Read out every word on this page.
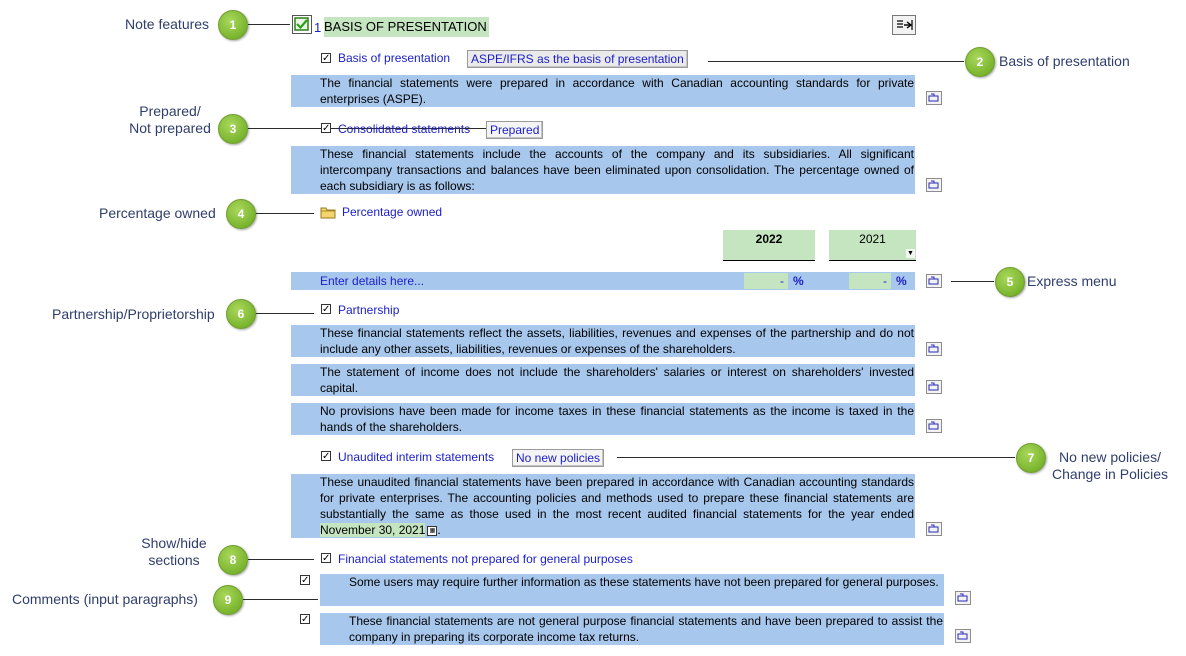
Note features	1
2	Basis of presentation
Prepared/
Not prepared	3
Percentage owned	4
5 Express menu
Partnership/Proprietorship	6
7	No new policies/
Change in Policies
Show/hide
sections	8
Comments (input paragraphs)	9
1 BASIS OF PRESENTATION
✓ Basis of presentation	ASPE/IFRS as the basis of presentation
The financial statements were prepared in accordance with Canadian accounting standards for private enterprises (ASPE).
✓ Consolidated statements	Prepared
These financial statements include the accounts of the company and its subsidiaries. All significant intercompany transactions and balances have been eliminated upon consolidation. The percentage owned of each subsidiary is as follows:
Percentage owned
2022	2021
▼
Enter details here...	- %	- %
✓ Partnership
These financial statements reflect the assets, liabilities, revenues and expenses of the partnership and do not include any other assets, liabilities, revenues or expenses of the shareholders.
The statement of income does not include the shareholders' salaries or interest on shareholders' invested capital.
No provisions have been made for income taxes in these financial statements as the income is taxed in the hands of the shareholders.
✓ Unaudited interim statements	No new policies
These unaudited financial statements have been prepared in accordance with Canadian accounting standards for private enterprises. The accounting policies and methods used to prepare these financial statements are substantially the same as those used in the most recent audited financial statements for the year ended November 30, 2021 ▦ .
✓ Financial statements not prepared for general purposes
✓	Some users may require further information as these statements have not been prepared for general purposes.
✓	These financial statements are not general purpose financial statements and have been prepared to assist the company in preparing its corporate income tax returns.
